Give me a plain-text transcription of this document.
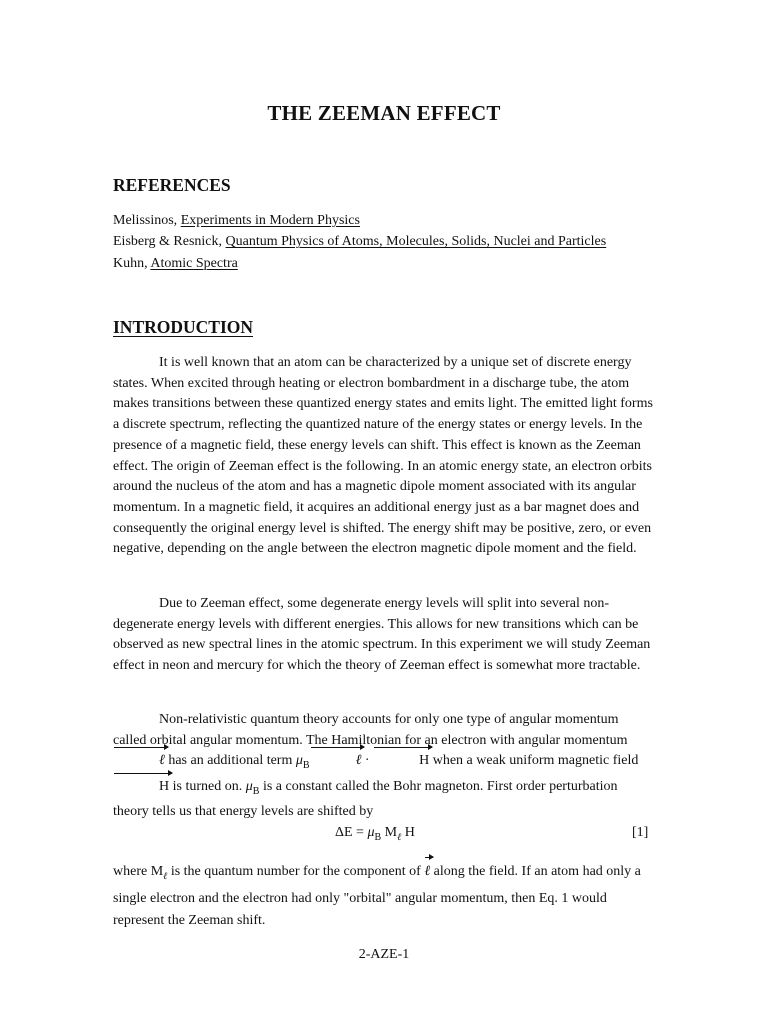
THE ZEEMAN EFFECT
REFERENCES
Melissinos, Experiments in Modern Physics
Eisberg & Resnick, Quantum Physics of Atoms, Molecules, Solids, Nuclei and Particles
Kuhn, Atomic Spectra
INTRODUCTION

It is well known that an atom can be characterized by a unique set of discrete energy states. When excited through heating or electron bombardment in a discharge tube, the atom makes transitions between these quantized energy states and emits light. The emitted light forms a discrete spectrum, reflecting the quantized nature of the energy states or energy levels. In the presence of a magnetic field, these energy levels can shift. This effect is known as the Zeeman effect. The origin of Zeeman effect is the following. In an atomic energy state, an electron orbits around the nucleus of the atom and has a magnetic dipole moment associated with its angular momentum. In a magnetic field, it acquires an additional energy just as a bar magnet does and consequently the original energy level is shifted. The energy shift may be positive, zero, or even negative, depending on the angle between the electron magnetic dipole moment and the field.

Due to Zeeman effect, some degenerate energy levels will split into several non-degenerate energy levels with different energies. This allows for new transitions which can be observed as new spectral lines in the atomic spectrum. In this experiment we will study Zeeman effect in neon and mercury for which the theory of Zeeman effect is somewhat more tractable.

Non-relativistic quantum theory accounts for only one type of angular momentum called orbital angular momentum. The Hamiltonian for an electron with angular momentum ℓ has an additional term $\mu_B$	ℓ ·	H when a weak uniform magnetic field H is turned on. $\mu_B$ is a constant called the Bohr magneton. First order perturbation theory tells us that energy levels are shifted by

$\Delta E = \mu_B$ $M_\ell$ H	[1]

where $M_\ell$ is the quantum number for the component of ℓ along the field. If an atom had only a single electron and the electron had only "orbital" angular momentum, then Eq. 1 would represent the Zeeman shift.

2-AZE-1
